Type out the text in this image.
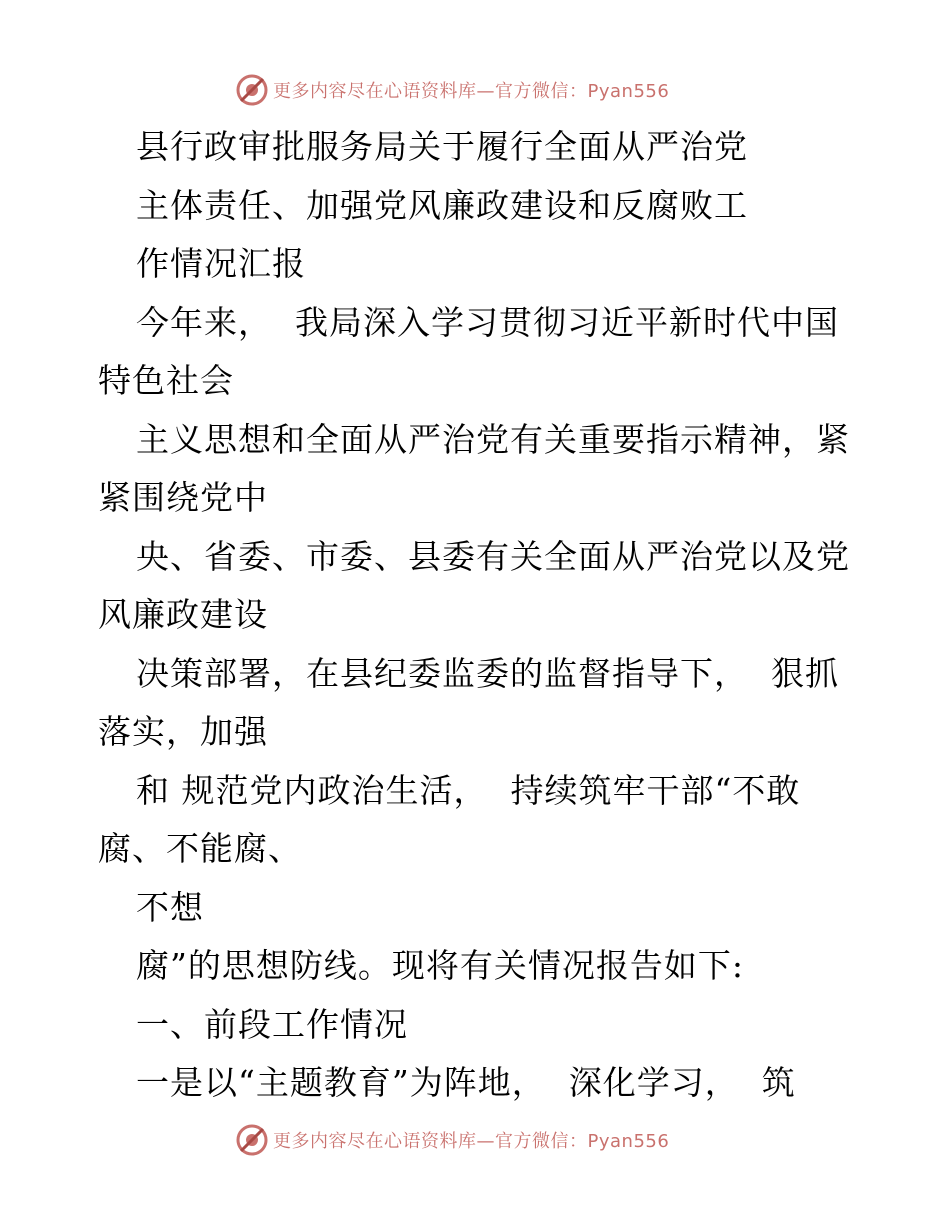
更多内容尽在心语资料库—官方微信：Pyan556
县行政审批服务局关于履行全面从严治党
主体责任、加强党风廉政建设和反腐败工
作情况汇报
今年来，  我局深入学习贯彻习近平新时代中国
特色社会
主义思想和全面从严治党有关重要指示精神，紧
紧围绕党中
央、省委、市委、县委有关全面从严治党以及党
风廉政建设
决策部署，在县纪委监委的监督指导下，  狠抓
落实，加强
和 规范党内政治生活，  持续筑牢干部“不敢
腐、不能腐、
不想
腐”的思想防线。现将有关情况报告如下:
一、前段工作情况
一是以“主题教育”为阵地，  深化学习，  筑
更多内容尽在心语资料库—官方微信：Pyan556
